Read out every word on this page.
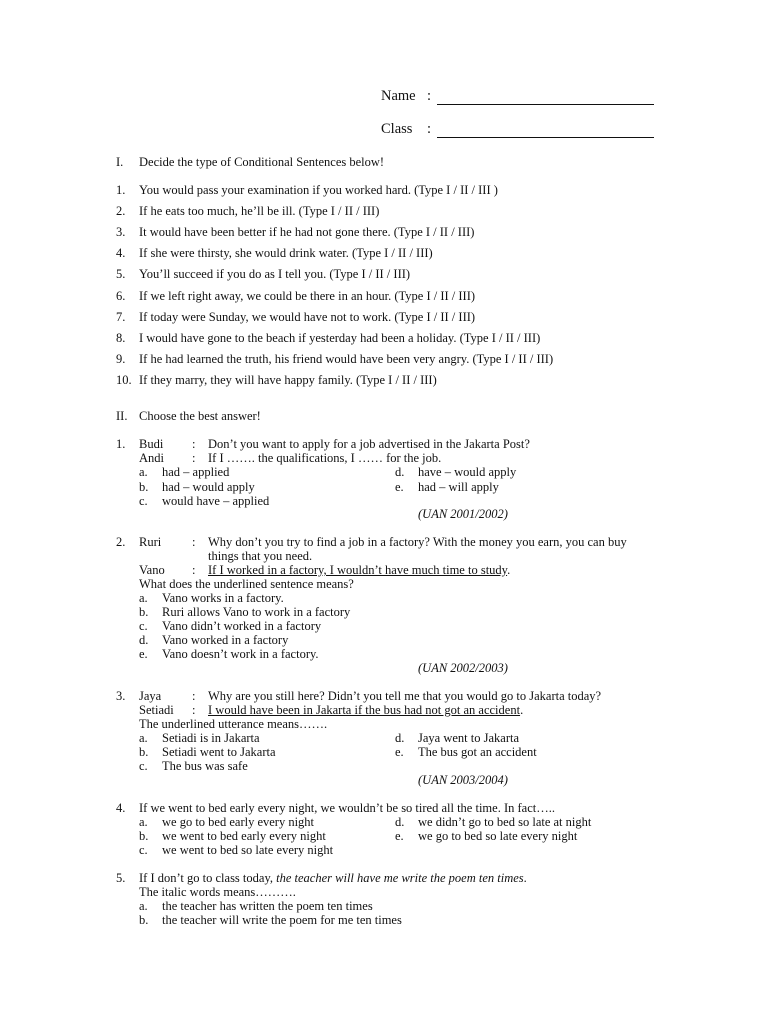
Name :
Class :
I. Decide the type of Conditional Sentences below!
1. You would pass your examination if you worked hard. (Type I / II / III )
2. If he eats too much, he’ll be ill. (Type I / II / III)
3. It would have been better if he had not gone there. (Type I / II / III)
4. If she were thirsty, she would drink water. (Type I / II / III)
5. You’ll succeed if you do as I tell you. (Type I / II / III)
6. If we left right away, we could be there in an hour. (Type I / II / III)
7. If today were Sunday, we would have not to work. (Type I / II / III)
8. I would have gone to the beach if yesterday had been a holiday. (Type I / II / III)
9. If he had learned the truth, his friend would have been very angry. (Type I / II / III)
10. If they marry, they will have happy family. (Type I / II / III)
II. Choose the best answer!
1. Budi : Don’t you want to apply for a job advertised in the Jakarta Post?
Andi : If I ……. the qualifications, I …… for the job.
a. had – applied
b. had – would apply
c. would have – applied
d. have – would apply
e. had – will apply
(UAN 2001/2002)
2. Ruri : Why don’t you try to find a job in a factory? With the money you earn, you can buy
things that you need.
Vano : If I worked in a factory, I wouldn’t have much time to study.
What does the underlined sentence means?
a. Vano works in a factory.
b. Ruri allows Vano to work in a factory
c. Vano didn’t worked in a factory
d. Vano worked in a factory
e. Vano doesn’t work in a factory.
(UAN 2002/2003)
3. Jaya : Why are you still here? Didn’t you tell me that you would go to Jakarta today?
Setiadi : I would have been in Jakarta if the bus had not got an accident.
The underlined utterance means…….
a. Setiadi is in Jakarta
b. Setiadi went to Jakarta
c. The bus was safe
d. Jaya went to Jakarta
e. The bus got an accident
(UAN 2003/2004)
4. If we went to bed early every night, we wouldn’t be so tired all the time. In fact…..
a. we go to bed early every night
b. we went to bed early every night
c. we went to bed so late every night
d. we didn’t go to bed so late at night
e. we go to bed so late every night
5. If I don’t go to class today, the teacher will have me write the poem ten times.
The italic words means……….
a. the teacher has written the poem ten times
b. the teacher will write the poem for me ten times
